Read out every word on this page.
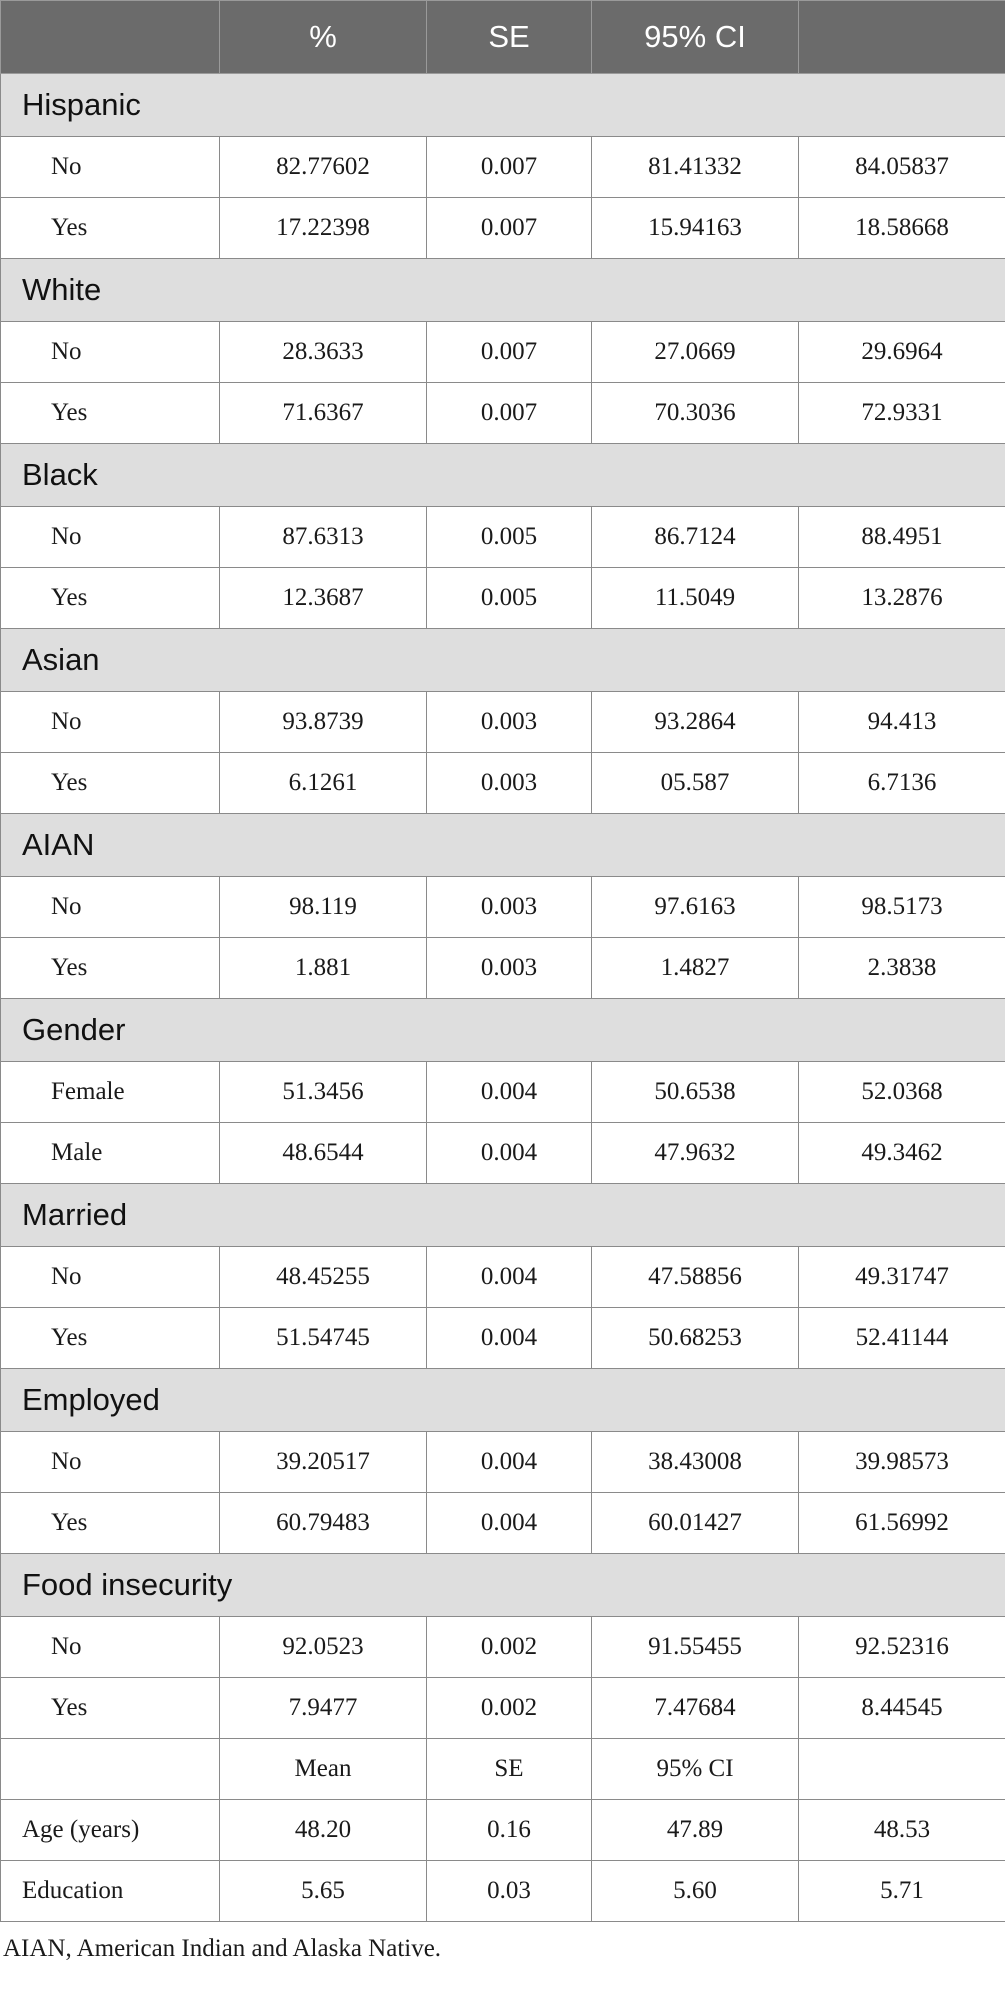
	%	SE	95% CI	
Hispanic				
No	82.77602	0.007	81.41332	84.05837
Yes	17.22398	0.007	15.94163	18.58668
White				
No	28.3633	0.007	27.0669	29.6964
Yes	71.6367	0.007	70.3036	72.9331
Black				
No	87.6313	0.005	86.7124	88.4951
Yes	12.3687	0.005	11.5049	13.2876
Asian				
No	93.8739	0.003	93.2864	94.413
Yes	6.1261	0.003	05.587	6.7136
AIAN				
No	98.119	0.003	97.6163	98.5173
Yes	1.881	0.003	1.4827	2.3838
Gender				
Female	51.3456	0.004	50.6538	52.0368
Male	48.6544	0.004	47.9632	49.3462
Married				
No	48.45255	0.004	47.58856	49.31747
Yes	51.54745	0.004	50.68253	52.41144
Employed				
No	39.20517	0.004	38.43008	39.98573
Yes	60.79483	0.004	60.01427	61.56992
Food insecurity				
No	92.0523	0.002	91.55455	92.52316
Yes	7.9477	0.002	7.47684	8.44545
	Mean	SE	95% CI	
Age (years)	48.20	0.16	47.89	48.53
Education	5.65	0.03	5.60	5.71
AIAN, American Indian and Alaska Native.
